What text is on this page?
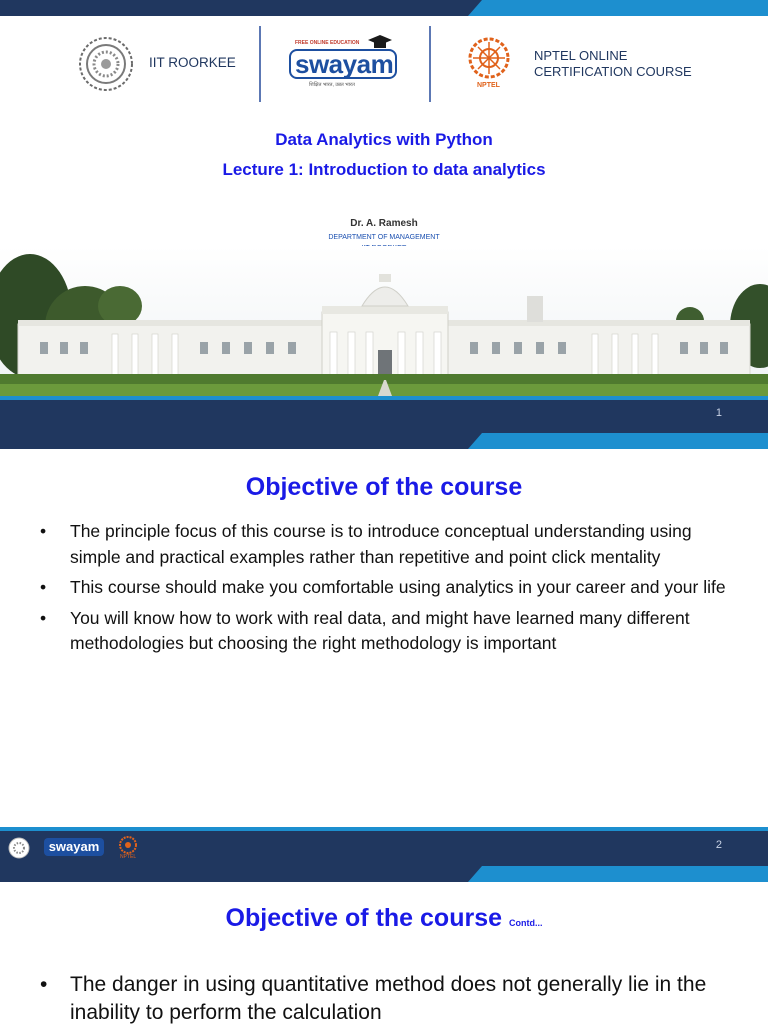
IIT ROORKEE
FREE ONLINE EDUCATION
swayam
शिक्षित भारत, उन्नत भारत	NPTEL
NPTEL ONLINE
CERTIFICATION COURSE
Data Analytics with Python
Lecture 1: Introduction to data analytics
Dr. A. Ramesh
DEPARTMENT OF MANAGEMENT
1
Objective of the course
• The principle focus of this course is to introduce conceptual understanding using simple and practical examples rather than repetitive and point click mentality
• This course should make you comfortable using analytics in your career and your life
• You will know how to work with real data, and might have learned many different methodologies but choosing the right methodology is important
swayam
NPTEL
2
Objective of the course Contd...
• The danger in using quantitative method does not generally lie in the inability to perform the calculation
